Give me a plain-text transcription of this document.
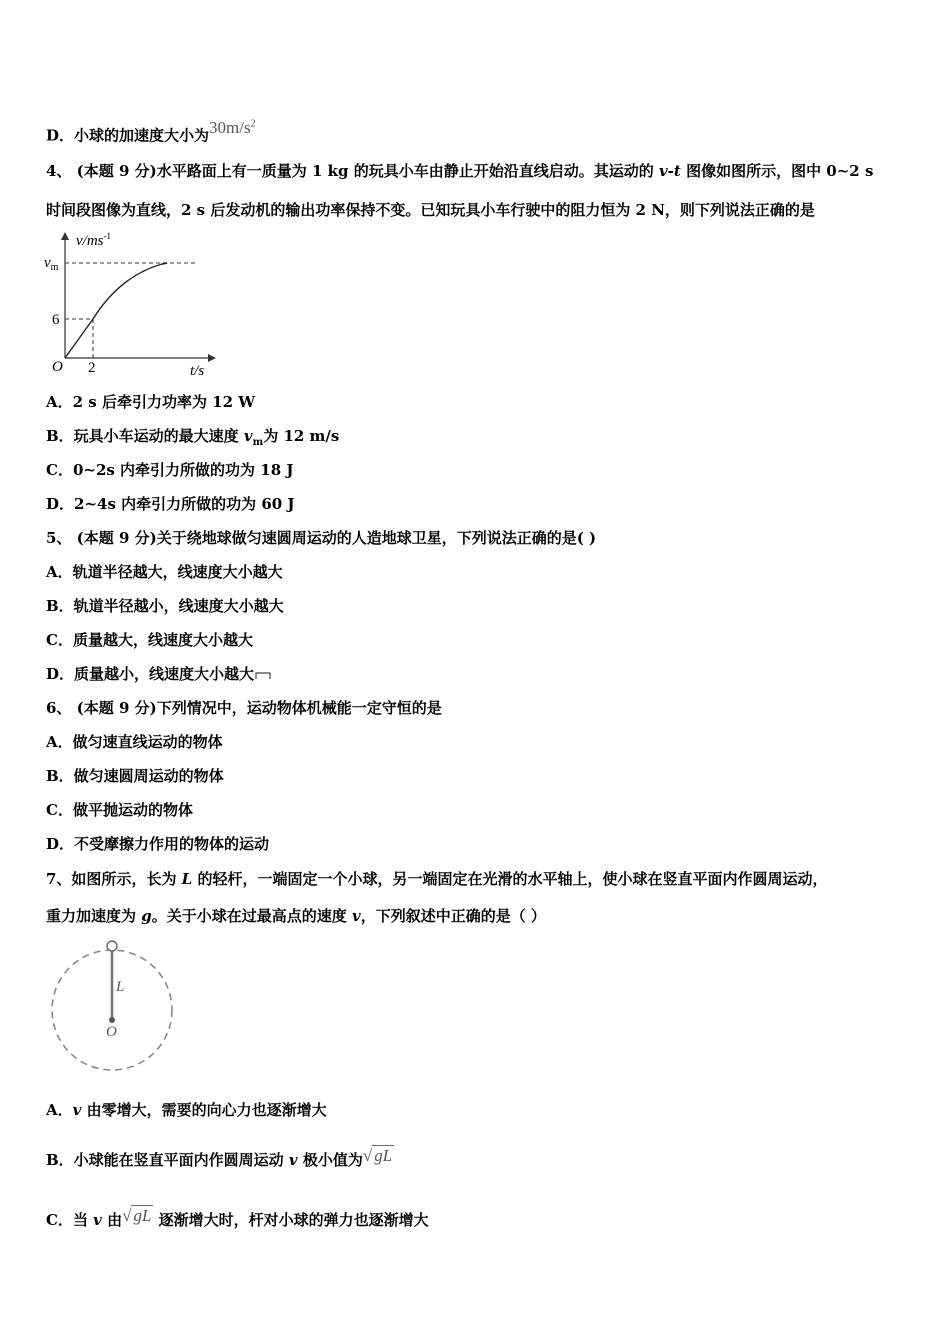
D．小球的加速度大小为$30m/s^2$
4、 (本题 9 分)水平路面上有一质量为 1 kg 的玩具小车由静止开始沿直线启动。其运动的 v-t 图像如图所示，图中 0~2 s
时间段图像为直线，2 s 后发动机的输出功率保持不变。已知玩具小车行驶中的阻力恒为 2 N，则下列说法正确的是
$v/ms^{-1}$
$v_m$
6
2
O	t/s
A．2 s 后牵引力功率为 12 W
B．玩具小车运动的最大速度 $v_m$为 12 m/s
C．0~2s 内牵引力所做的功为 18 J
D．2~4s 内牵引力所做的功为 60 J
5、 (本题 9 分)关于绕地球做匀速圆周运动的人造地球卫星，下列说法正确的是( )
A．轨道半径越大，线速度大小越大
B．轨道半径越小，线速度大小越大
C．质量越大，线速度大小越大
D．质量越小，线速度大小越大
6、 (本题 9 分)下列情况中，运动物体机械能一定守恒的是
A．做匀速直线运动的物体
B．做匀速圆周运动的物体
C．做平抛运动的物体
D．不受摩擦力作用的物体的运动
7、如图所示，长为 L 的轻杆，一端固定一个小球，另一端固定在光滑的水平轴上，使小球在竖直平面内作圆周运动，
重力加速度为 g。关于小球在过最高点的速度 v，下列叙述中正确的是（ ）
L
O
A．v 由零增大，需要的向心力也逐渐增大
B．小球能在竖直平面内作圆周运动 v 极小值为√ gL
C．当 v 由√ gL 逐渐增大时，杆对小球的弹力也逐渐增大
